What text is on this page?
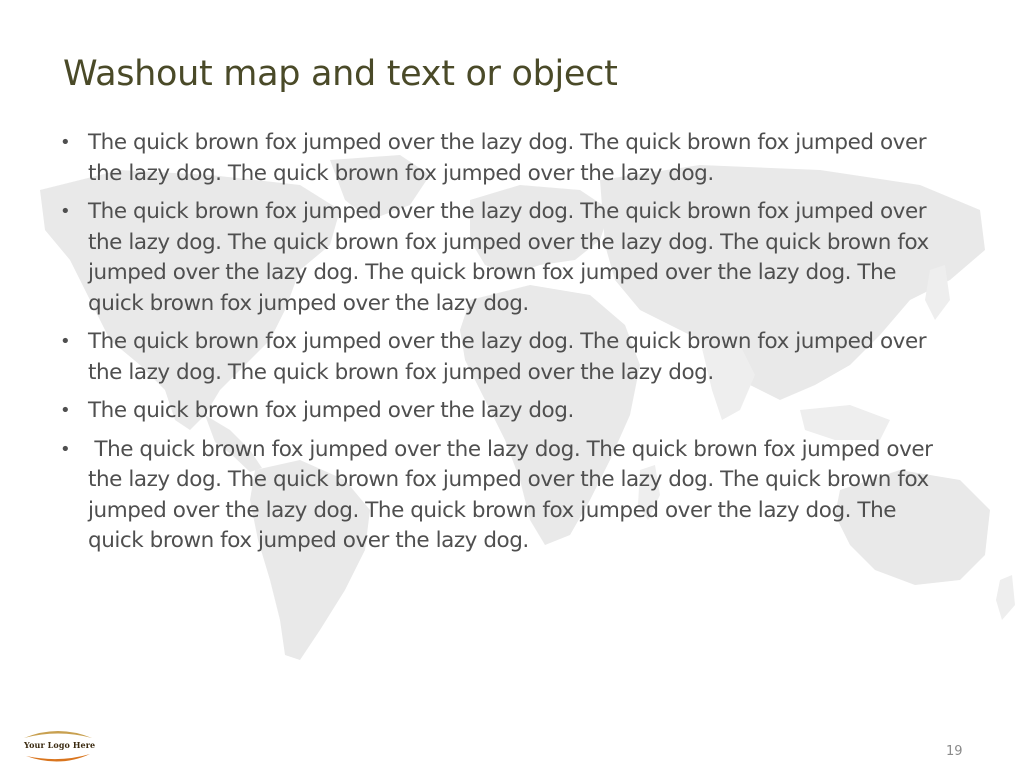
Washout map and text or object
• The quick brown fox jumped over the lazy dog. The quick brown fox jumped over the lazy dog. The quick brown fox jumped over the lazy dog.
• The quick brown fox jumped over the lazy dog. The quick brown fox jumped over the lazy dog. The quick brown fox jumped over the lazy dog. The quick brown fox jumped over the lazy dog. The quick brown fox jumped over the lazy dog. The quick brown fox jumped over the lazy dog.
• The quick brown fox jumped over the lazy dog. The quick brown fox jumped over the lazy dog. The quick brown fox jumped over the lazy dog.
• The quick brown fox jumped over the lazy dog.
• The quick brown fox jumped over the lazy dog. The quick brown fox jumped over the lazy dog. The quick brown fox jumped over the lazy dog. The quick brown fox jumped over the lazy dog. The quick brown fox jumped over the lazy dog. The quick brown fox jumped over the lazy dog.
Your Logo Here	19
